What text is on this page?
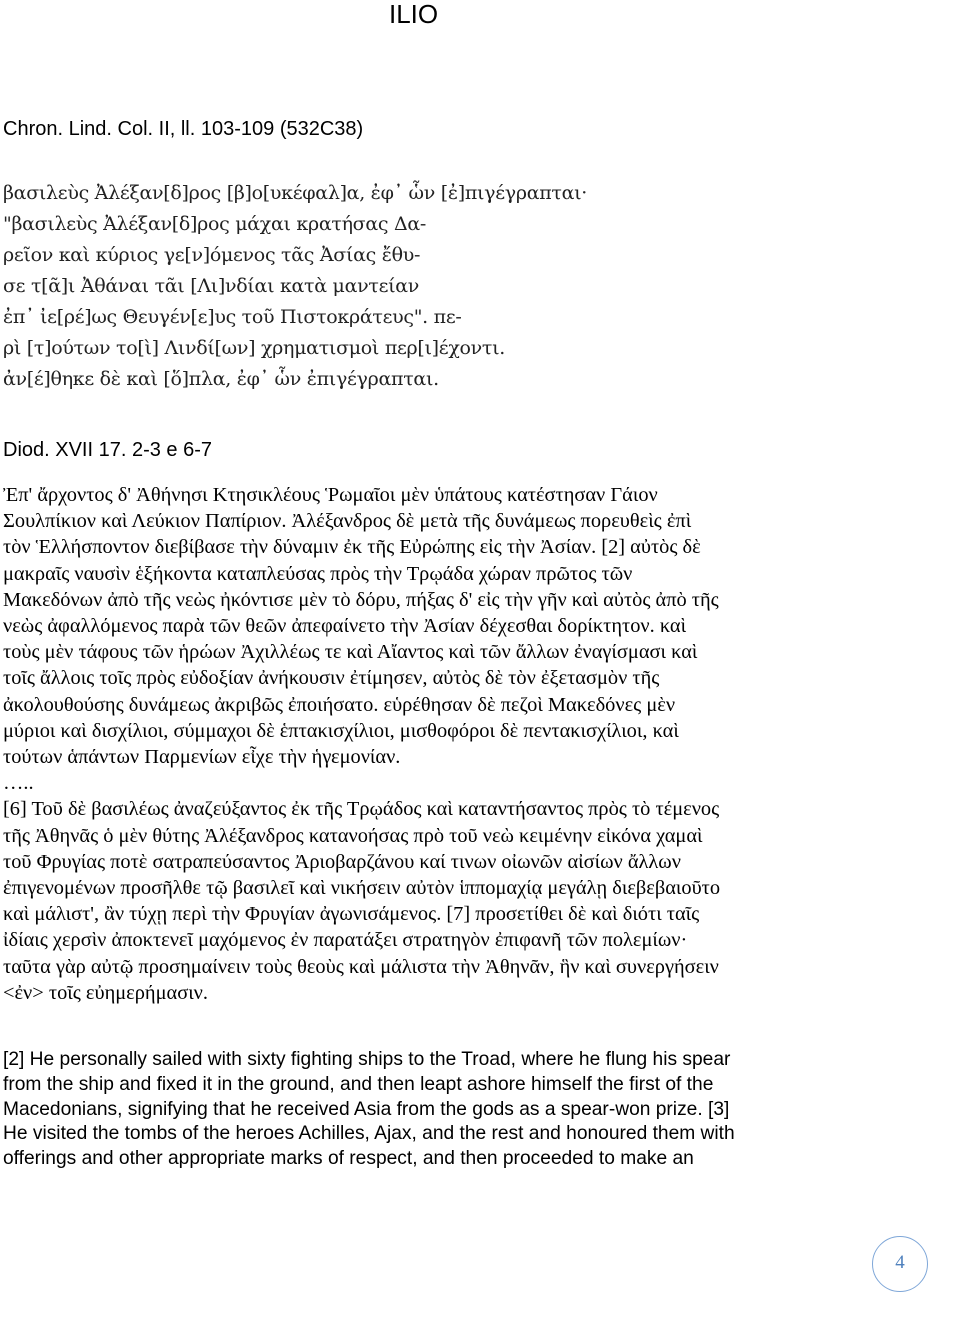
ILIO
Chron. Lind. Col. II, ll. 103-109 (532C38)
βασιλεὺς Ἀλέξαν[δ]ρος [β]ο[υκέφαλ]α, ἐφ᾽ ὧν [ἐ]πιγέγραπται·
"βασιλεὺς Ἀλέξαν[δ]ρος μάχαι κρατήσας Δα-
ρεῖον καὶ κύριος γε[ν]όμενος τᾶς Ἀσίας ἔθυ-
σε τ[ᾶ]ι Ἀθάναι τᾶι [Λι]νδίαι κατὰ μαντείαν
ἐπ᾽ ἰε[ρέ]ως Θευγέν[ε]υς τοῦ Πιστοκράτευς". πε-
ρὶ [τ]ούτων το[ὶ] Λινδί[ων] χρηματισμοὶ περ[ι]έχοντι.
ἀν[έ]θηκε δὲ καὶ [ὅ]πλα, ἐφ᾽ ὧν ἐπιγέγραπται.
Diod. XVII 17. 2-3 e 6-7
Ἐπ' ἄρχοντος δ' Ἀθήνησι Κτησικλέους Ῥωμαῖοι μὲν ὑπάτους κατέστησαν Γάιον
Σουλπίκιον καὶ Λεύκιον Παπίριον. Ἀλέξανδρος δὲ μετὰ τῆς δυνάμεως πορευθεὶς ἐπὶ
τὸν Ἑλλήσποντον διεβίβασε τὴν δύναμιν ἐκ τῆς Εὐρώπης εἰς τὴν Ἀσίαν. [2] αὐτὸς δὲ
μακραῖς ναυσὶν ἑξήκοντα καταπλεύσας πρὸς τὴν Τρῳάδα χώραν πρῶτος τῶν
Μακεδόνων ἀπὸ τῆς νεὼς ἠκόντισε μὲν τὸ δόρυ, πήξας δ' εἰς τὴν γῆν καὶ αὐτὸς ἀπὸ τῆς
νεὼς ἀφαλλόμενος παρὰ τῶν θεῶν ἀπεφαίνετο τὴν Ἀσίαν δέχεσθαι δορίκτητον. καὶ
τοὺς μὲν τάφους τῶν ἡρώων Ἀχιλλέως τε καὶ Αἴαντος καὶ τῶν ἄλλων ἐναγίσμασι καὶ
τοῖς ἄλλοις τοῖς πρὸς εὐδοξίαν ἀνήκουσιν ἐτίμησεν, αὐτὸς δὲ τὸν ἐξετασμὸν τῆς
ἀκολουθούσης δυνάμεως ἀκριβῶς ἐποιήσατο. εὑρέθησαν δὲ πεζοὶ Μακεδόνες μὲν
μύριοι καὶ δισχίλιοι, σύμμαχοι δὲ ἑπτακισχίλιοι, μισθοφόροι δὲ πεντακισχίλιοι, καὶ
τούτων ἁπάντων Παρμενίων εἶχε τὴν ἡγεμονίαν.
…..
[6] Τοῦ δὲ βασιλέως ἀναζεύξαντος ἐκ τῆς Τρῳάδος καὶ καταντήσαντος πρὸς τὸ τέμενος
τῆς Ἀθηνᾶς ὁ μὲν θύτης Ἀλέξανδρος κατανοήσας πρὸ τοῦ νεὼ κειμένην εἰκόνα χαμαὶ
τοῦ Φρυγίας ποτὲ σατραπεύσαντος Ἀριοβαρζάνου καί τινων οἰωνῶν αἰσίων ἄλλων
ἐπιγενομένων προσῆλθε τῷ βασιλεῖ καὶ νικήσειν αὐτὸν ἱππομαχίᾳ μεγάλῃ διεβεβαιοῦτο
καὶ μάλιστ', ἂν τύχῃ περὶ τὴν Φρυγίαν ἀγωνισάμενος. [7] προσετίθει δὲ καὶ διότι ταῖς
ἰδίαις χερσὶν ἀποκτενεῖ μαχόμενος ἐν παρατάξει στρατηγὸν ἐπιφανῆ τῶν πολεμίων·
ταῦτα γὰρ αὐτῷ προσημαίνειν τοὺς θεοὺς καὶ μάλιστα τὴν Ἀθηνᾶν, ἣν καὶ συνεργήσειν
<ἐν> τοῖς εὐημερήμασιν.
[2] He personally sailed with sixty fighting ships to the Troad, where he flung his spear
from the ship and fixed it in the ground, and then leapt ashore himself the first of the
Macedonians, signifying that he received Asia from the gods as a spear-won prize. [3]
He visited the tombs of the heroes Achilles, Ajax, and the rest and honoured them with
offerings and other appropriate marks of respect, and then proceeded to make an
4
